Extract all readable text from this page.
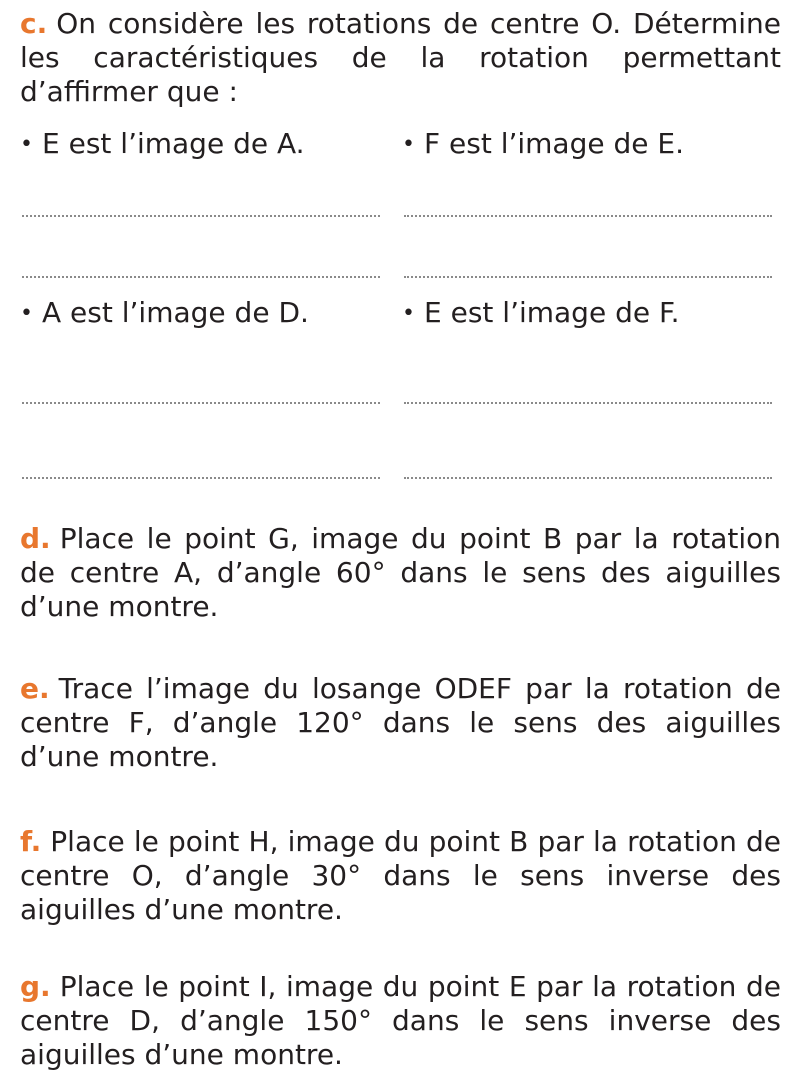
c. On considère les rotations de centre O. Détermine les caractéristiques de la rotation permettant d’affirmer que :
• E est l’image de A.	• F est l’image de E.
• A est l’image de D.	• E est l’image de F.
d. Place le point G, image du point B par la rotation de centre A, d’angle 60° dans le sens des aiguilles d’une montre.
e. Trace l’image du losange ODEF par la rotation de centre F, d’angle 120° dans le sens des aiguilles d’une montre.
f. Place le point H, image du point B par la rotation de centre O, d’angle 30° dans le sens inverse des aiguilles d’une montre.
g. Place le point I, image du point E par la rotation de centre D, d’angle 150° dans le sens inverse des aiguilles d’une montre.
